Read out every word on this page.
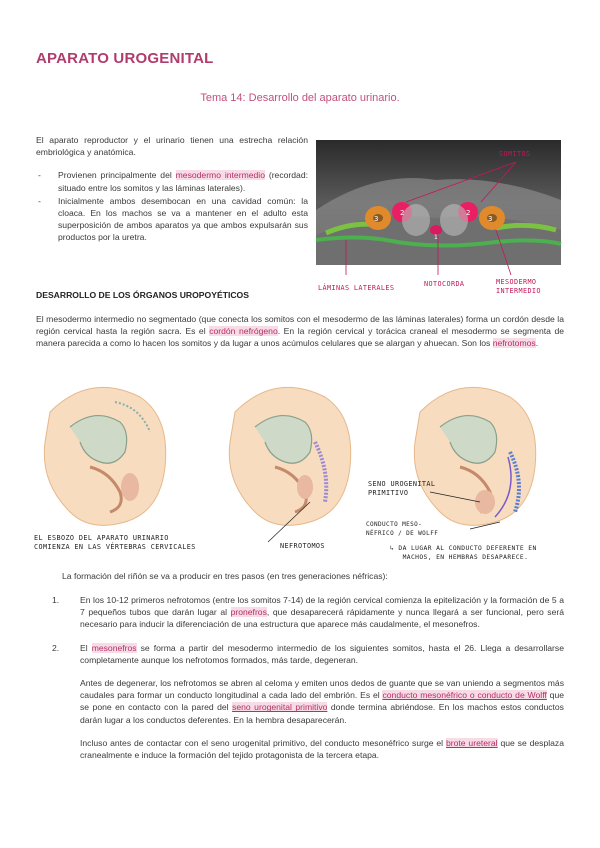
APARATO UROGENITAL
Tema 14: Desarrollo del aparato urinario.
El aparato reproductor y el urinario tienen una estrecha relación embriológica y anatómica.
- Provienen principalmente del mesodermo intermedio (recordad: situado entre los somitos y las láminas laterales).
- Inicialmente ambos desembocan en una cavidad común: la cloaca. En los machos se va a mantener en el adulto esta superposición de ambos aparatos ya que ambos expulsarán sus productos por la uretra.
2
1
2
3	3
SOMITOS
LÁMINAS LATERALES	NOTOCORDA	MESODERMO
INTERMEDIO
DESARROLLO DE LOS ÓRGANOS UROPOYÉTICOS
El mesodermo intermedio no segmentado (que conecta los somitos con el mesodermo de las láminas laterales) forma un cordón desde la región cervical hasta la región sacra. Es el cordón nefrógeno. En la región cervical y torácica craneal el mesodermo se segmenta de manera parecida a como lo hacen los somitos y da lugar a unos acúmulos celulares que se alargan y ahuecan. Son los nefrotomos.
EL ESBOZO DEL APARATO URINARIO
COMIENZA EN LAS VÉRTEBRAS CERVICALES	NEFROTOMOS
SENO UROGENITAL
PRIMITIVO
CONDUCTO MESO-
NÉFRICO / DE WOLFF
↳ DA LUGAR AL CONDUCTO DEFERENTE EN
MACHOS, EN HEMBRAS DESAPARECE.
La formación del riñón se va a producir en tres pasos (en tres generaciones néfricas):
1. En los 10-12 primeros nefrotomos (entre los somitos 7-14) de la región cervical comienza la epitelización y la formación de 5 a 7 pequeños tubos que darán lugar al pronefros, que desaparecerá rápidamente y nunca llegará a ser funcional, pero será necesario para inducir la diferenciación de una estructura que aparece más caudalmente, el mesonefros.

2. El mesonefros se forma a partir del mesodermo intermedio de los siguientes somitos, hasta el 26. Llega a desarrollarse completamente aunque los nefrotomos formados, más tarde, degeneran.

Antes de degenerar, los nefrotomos se abren al celoma y emiten unos dedos de guante que se van uniendo a segmentos más caudales para formar un conducto longitudinal a cada lado del embrión. Es el conducto mesonéfrico o conducto de Wolff que se pone en contacto con la pared del seno urogenital primitivo donde termina abriéndose. En los machos estos conductos darán lugar a los conductos deferentes. En la hembra desaparecerán.

Incluso antes de contactar con el seno urogenital primitivo, del conducto mesonéfrico surge el brote ureteral que se desplaza cranealmente e induce la formación del tejido protagonista de la tercera etapa.
